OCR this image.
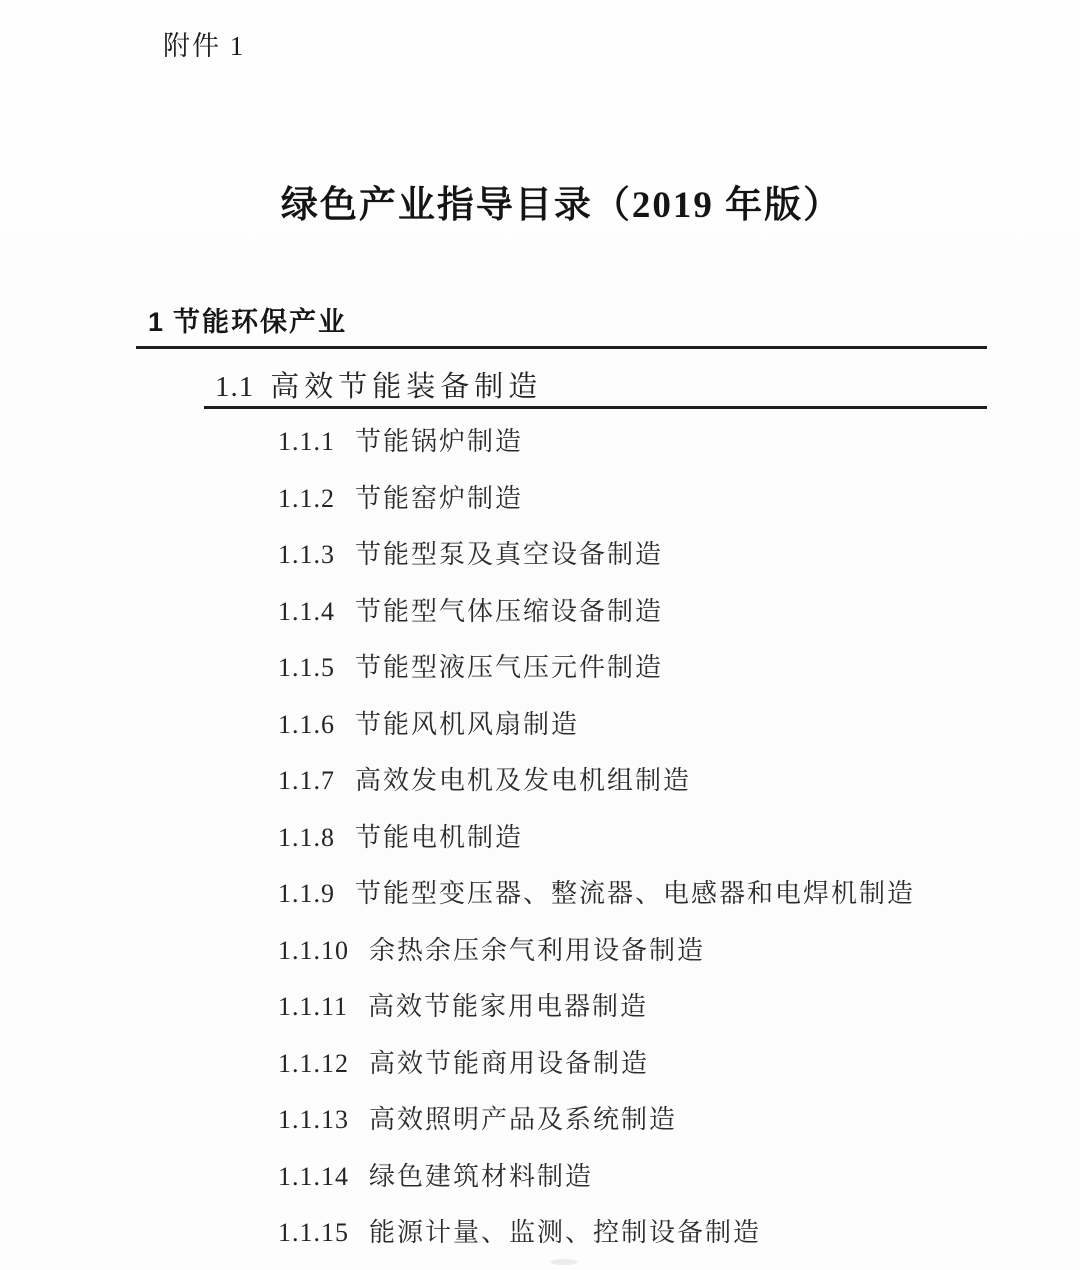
附件 1
绿色产业指导目录（2019 年版）
1 节能环保产业
1.1 高效节能装备制造
1.1.1 节能锅炉制造
1.1.2 节能窑炉制造
1.1.3 节能型泵及真空设备制造
1.1.4 节能型气体压缩设备制造
1.1.5 节能型液压气压元件制造
1.1.6 节能风机风扇制造
1.1.7 高效发电机及发电机组制造
1.1.8 节能电机制造
1.1.9 节能型变压器、整流器、电感器和电焊机制造
1.1.10 余热余压余气利用设备制造
1.1.11 高效节能家用电器制造
1.1.12 高效节能商用设备制造
1.1.13 高效照明产品及系统制造
1.1.14 绿色建筑材料制造
1.1.15 能源计量、监测、控制设备制造
